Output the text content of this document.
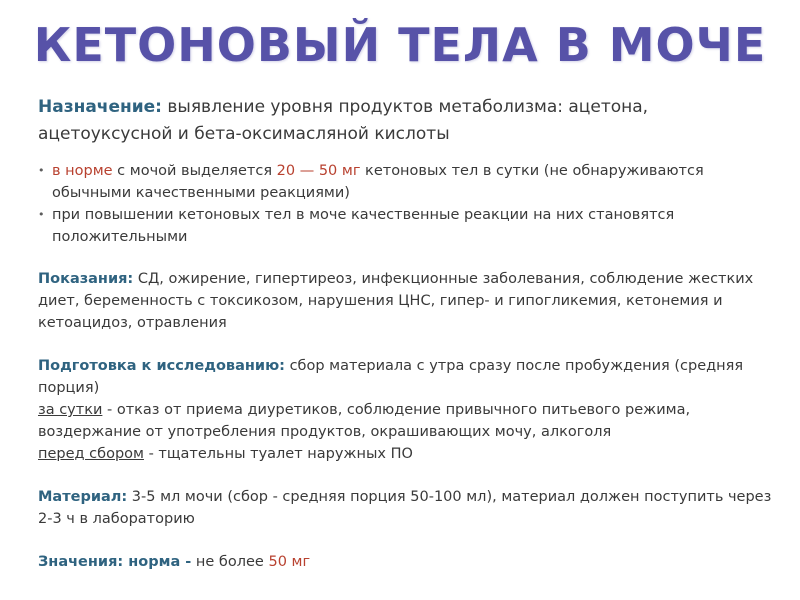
КЕТОНОВЫЙ ТЕЛА В МОЧЕ

Назначение: выявление уровня продуктов метаболизма: ацетона, ацетоуксусной и бета-оксимасляной кислоты

• в норме с мочой выделяется 20 — 50 мг кетоновых тел в сутки (не обнаруживаются обычными качественными реакциями)
• при повышении кетоновых тел в моче качественные реакции на них становятся положительными

Показания: СД, ожирение, гипертиреоз, инфекционные заболевания, соблюдение жестких диет, беременность с токсикозом, нарушения ЦНС, гипер- и гипогликемия, кетонемия и кетоацидоз, отравления

Подготовка к исследованию: сбор материала с утра сразу после пробуждения (средняя порция)
за сутки - отказ от приема диуретиков, соблюдение привычного питьевого режима, воздержание от употребления продуктов, окрашивающих мочу, алкоголя
перед сбором - тщательны туалет наружных ПО

Материал: 3-5 мл мочи (сбор - средняя порция 50-100 мл), материал должен поступить через 2-3 ч в лабораторию

Значения: норма - не более 50 мг
